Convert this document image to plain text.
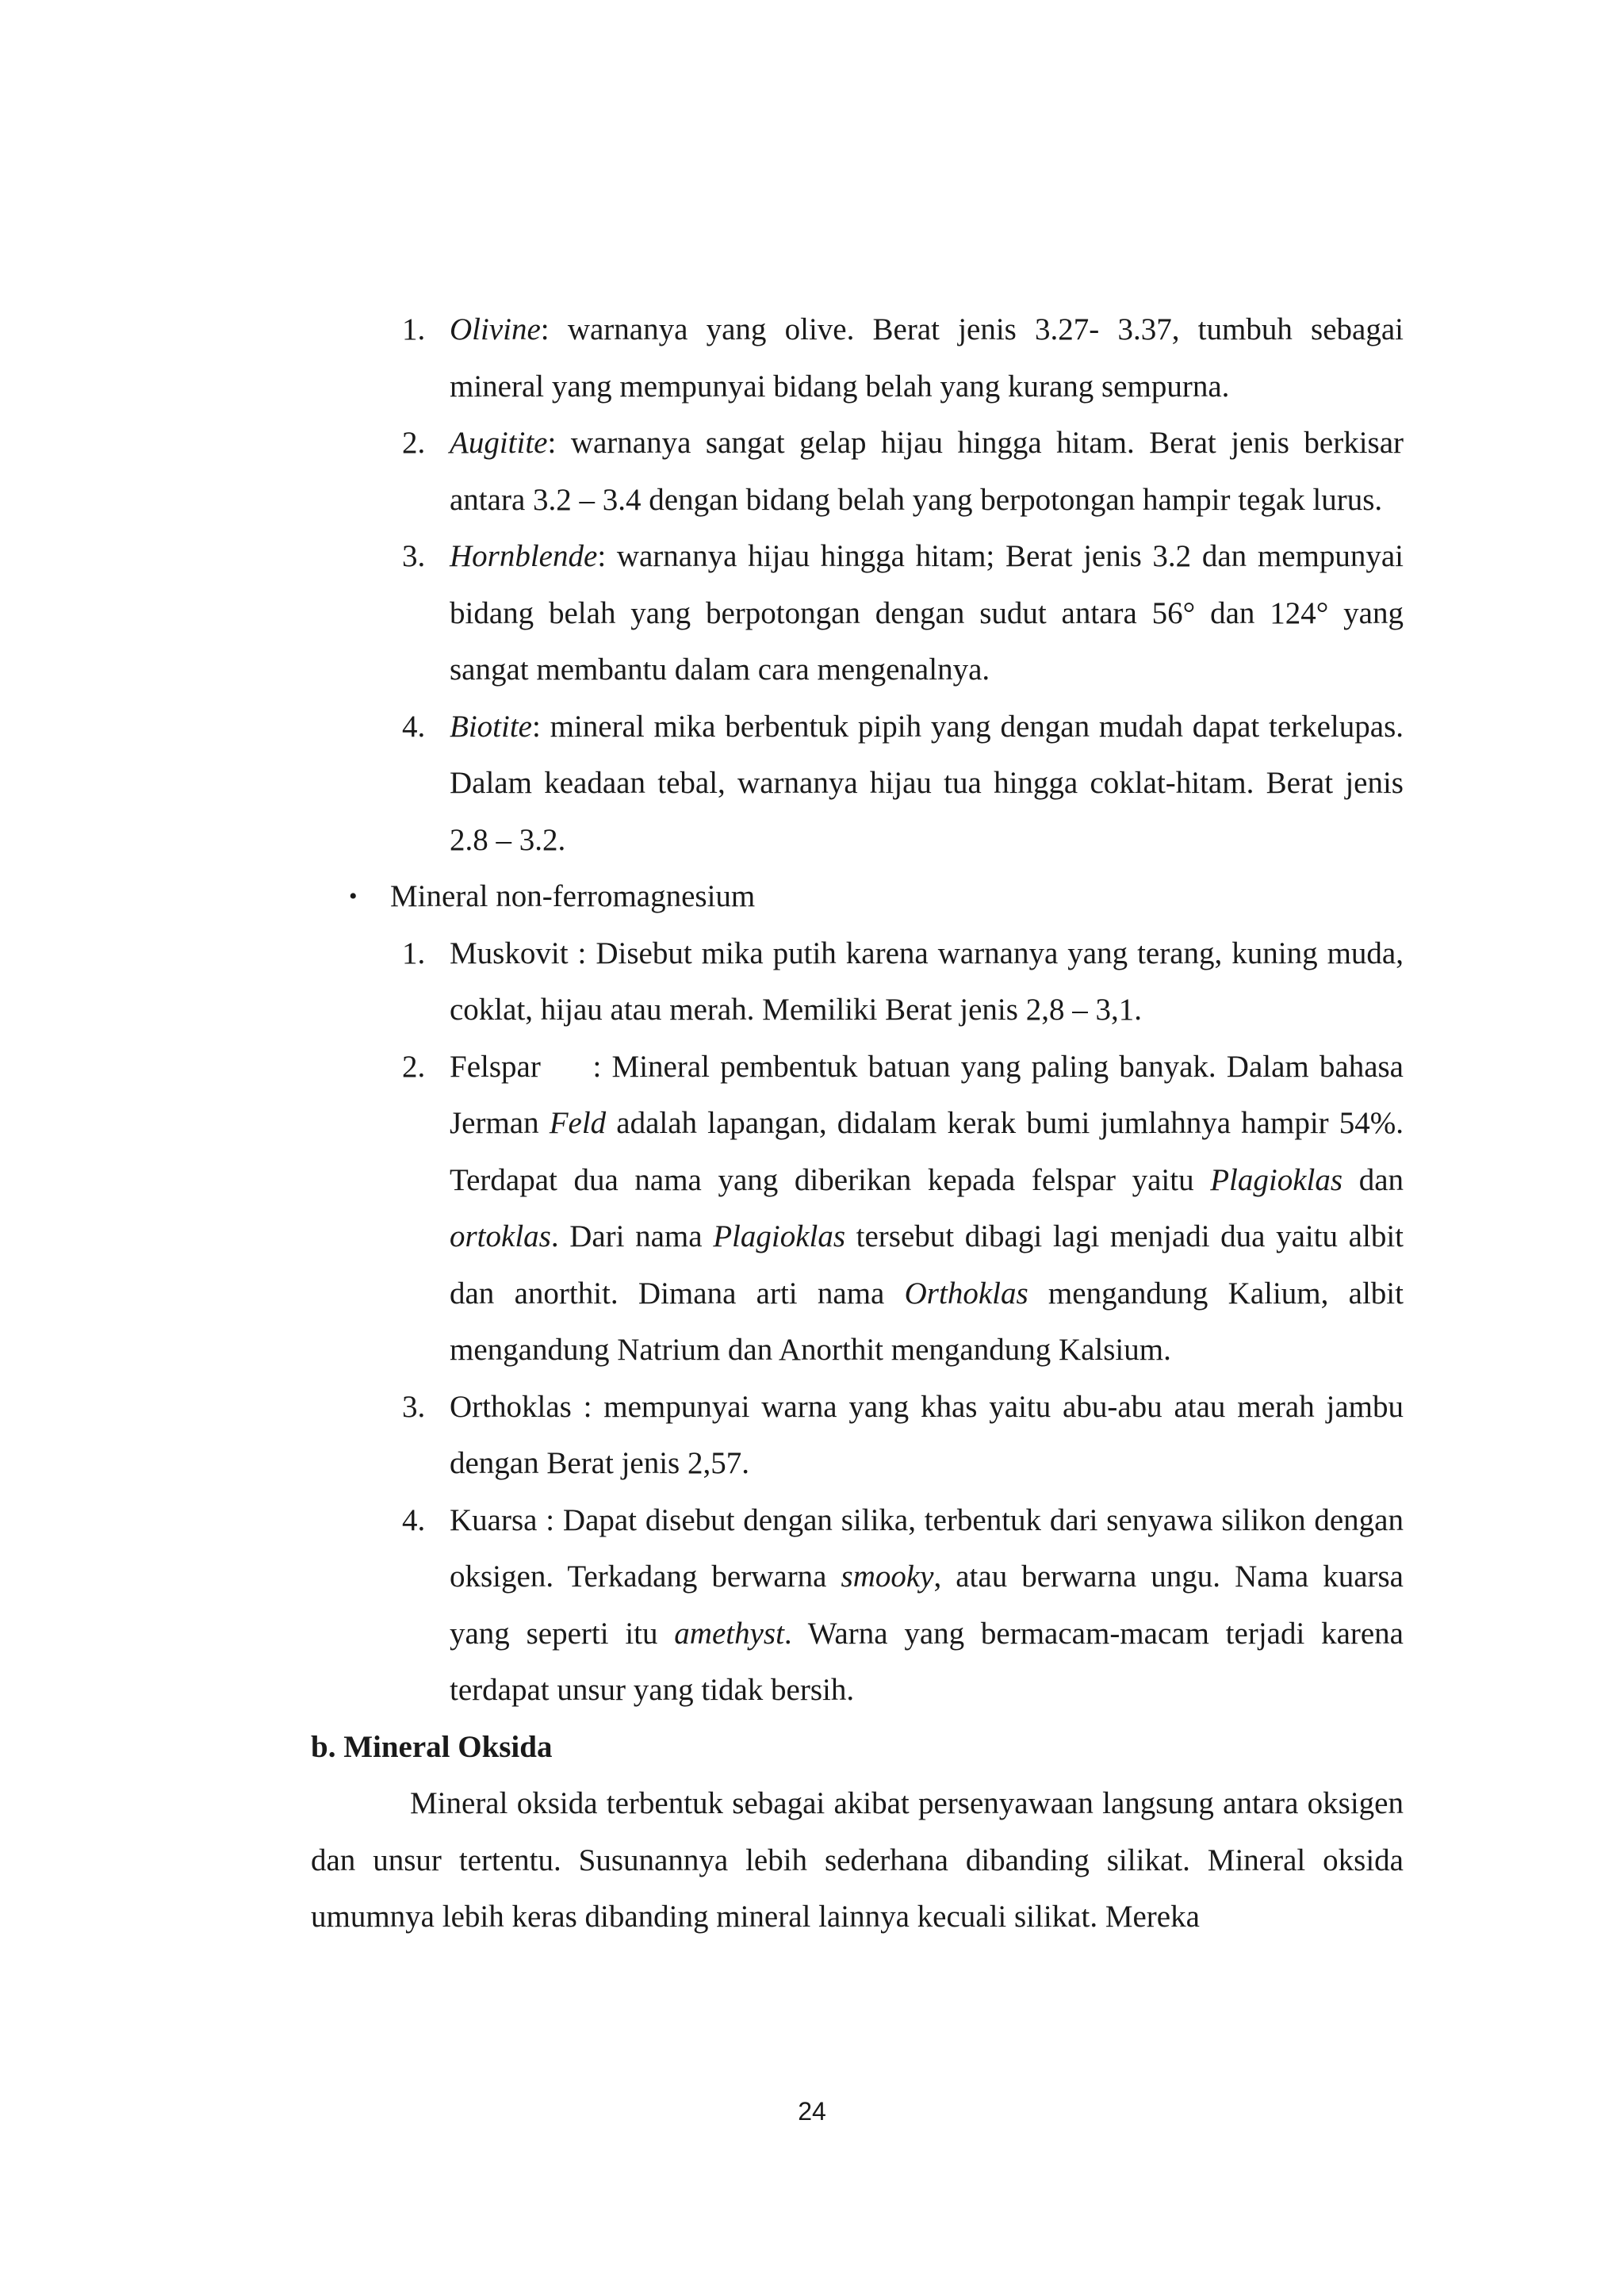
1. Olivine: warnanya yang olive. Berat jenis 3.27- 3.37, tumbuh sebagai mineral yang mempunyai bidang belah yang kurang sempurna.
2. Augitite: warnanya sangat gelap hijau hingga hitam. Berat jenis berkisar antara 3.2 – 3.4 dengan bidang belah yang berpotongan hampir tegak lurus.
3. Hornblende: warnanya hijau hingga hitam; Berat jenis 3.2 dan mempunyai bidang belah yang berpotongan dengan sudut antara 56° dan 124° yang sangat membantu dalam cara mengenalnya.
4. Biotite: mineral mika berbentuk pipih yang dengan mudah dapat terkelupas. Dalam keadaan tebal, warnanya hijau tua hingga coklat-hitam. Berat jenis 2.8 – 3.2.
• Mineral non-ferromagnesium
1. Muskovit : Disebut mika putih karena warnanya yang terang, kuning muda, coklat, hijau atau merah. Memiliki Berat jenis 2,8 – 3,1.
2. Felspar     : Mineral pembentuk batuan yang paling banyak. Dalam bahasa Jerman Feld adalah lapangan, didalam kerak bumi jumlahnya hampir 54%. Terdapat dua nama yang diberikan kepada felspar yaitu Plagioklas dan ortoklas. Dari nama Plagioklas tersebut dibagi lagi menjadi dua yaitu albit dan anorthit. Dimana arti nama Orthoklas mengandung Kalium, albit mengandung Natrium dan Anorthit mengandung Kalsium.
3. Orthoklas : mempunyai warna yang khas yaitu abu-abu atau merah jambu dengan Berat jenis 2,57.
4. Kuarsa : Dapat disebut dengan silika, terbentuk dari senyawa silikon dengan oksigen. Terkadang berwarna smooky, atau berwarna ungu. Nama kuarsa yang seperti itu amethyst. Warna yang bermacam-macam terjadi karena terdapat unsur yang tidak bersih.
b. Mineral Oksida
Mineral oksida terbentuk sebagai akibat persenyawaan langsung antara oksigen dan unsur tertentu. Susunannya lebih sederhana dibanding silikat. Mineral oksida umumnya lebih keras dibanding mineral lainnya kecuali silikat. Mereka
24
